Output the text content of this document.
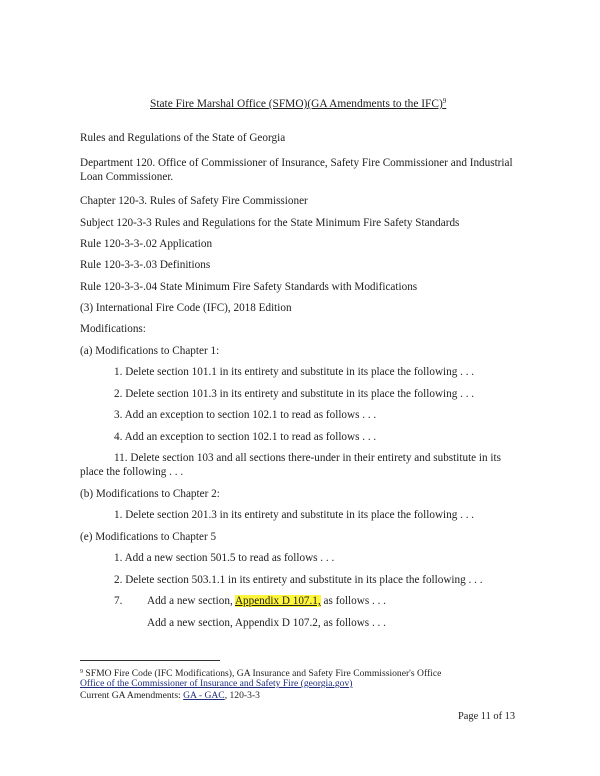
State Fire Marshal Office (SFMO)(GA Amendments to the IFC)$^9$
Rules and Regulations of the State of Georgia
Department 120. Office of Commissioner of Insurance, Safety Fire Commissioner and Industrial
Loan Commissioner.
Chapter 120-3. Rules of Safety Fire Commissioner
Subject 120-3-3 Rules and Regulations for the State Minimum Fire Safety Standards
Rule 120-3-3-.02 Application
Rule 120-3-3-.03 Definitions
Rule 120-3-3-.04 State Minimum Fire Safety Standards with Modifications
(3) International Fire Code (IFC), 2018 Edition
Modifications:
(a) Modifications to Chapter 1:
1. Delete section 101.1 in its entirety and substitute in its place the following . . .
2. Delete section 101.3 in its entirety and substitute in its place the following . . .
3. Add an exception to section 102.1 to read as follows . . .
4. Add an exception to section 102.1 to read as follows . . .
11. Delete section 103 and all sections there-under in their entirety and substitute in its
place the following . . .
(b) Modifications to Chapter 2:
1. Delete section 201.3 in its entirety and substitute in its place the following . . .
(e) Modifications to Chapter 5
1. Add a new section 501.5 to read as follows . . .
2. Delete section 503.1.1 in its entirety and substitute in its place the following . . .
7. Add a new section, Appendix D 107.1, as follows . . .
Add a new section, Appendix D 107.2, as follows . . .
$^9$ SFMO Fire Code (IFC Modifications), GA Insurance and Safety Fire Commissioner's Office
Office of the Commissioner of Insurance and Safety Fire (georgia.gov)
Current GA Amendments: GA - GAC, 120-3-3
Page 11 of 13
